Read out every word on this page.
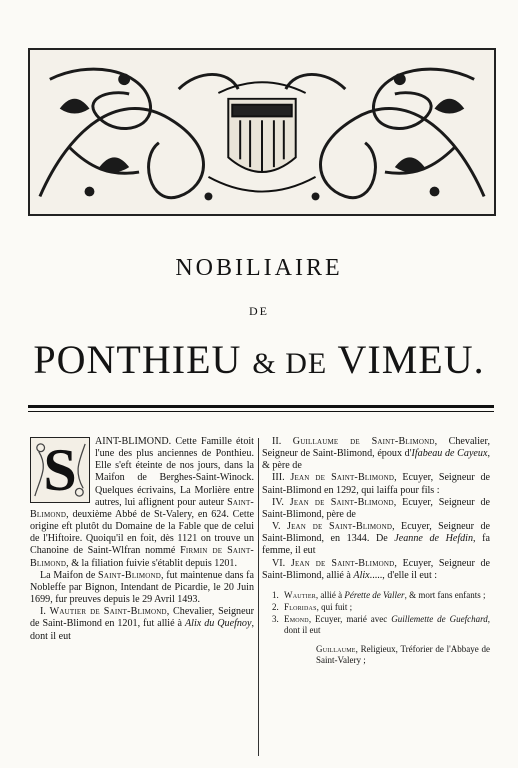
NOBILIAIRE
DE
PONTHIEU & DE VIMEU.
S	AINT-BLIMOND. Cette Famille étoit l'une des plus anciennes de Ponthieu. Elle s'eft éteinte de nos jours, dans la Maifon de Berghes-Saint-Winock. Quelques écrivains, La Morlière entre autres, lui aflignent pour auteur Saint-Blimond, deuxième Abbé de St-Valery, en 624. Cette origine eft plutôt du Domaine de la Fable que de celui de l'Hiftoire. Quoiqu'il en foit, dès 1121 on trouve un Chanoine de Saint-Wlfran nommé Firmin de Saint-Blimond, & la filiation fuivie s'établit depuis 1201.

La Maifon de Saint-Blimond, fut maintenue dans fa Nobleffe par Bignon, Intendant de Picardie, le 20 Juin 1699, fur preuves depuis le 29 Avril 1493.

I. Wautier de Saint-Blimond, Chevalier, Seigneur de Saint-Blimond en 1201, fut allié à Alix du Quefnoy, dont il eut

II. Guillaume de Saint-Blimond, Chevalier, Seigneur de Saint-Blimond, époux d'Ifabeau de Cayeux, & père de

III. Jean de Saint-Blimond, Ecuyer, Seigneur de Saint-Blimond en 1292, qui laiffa pour fils :

IV. Jean de Saint-Blimond, Ecuyer, Seigneur de Saint-Blimond, père de

V. Jean de Saint-Blimond, Ecuyer, Seigneur de Saint-Blimond, en 1344. De Jeanne de Hefdin, fa femme, il eut

VI. Jean de Saint-Blimond, Ecuyer, Seigneur de Saint-Blimond, allié à Alix....., d'elle il eut :

1. Wautier, allié à Pérette de Valler, & mort fans enfants ;
2. Floridas, qui fuit ;
3. Emond, Ecuyer, marié avec Guillemette de Guefchard, dont il eut

Guillaume, Religieux, Tréforier de l'Abbaye de Saint-Valery ;
